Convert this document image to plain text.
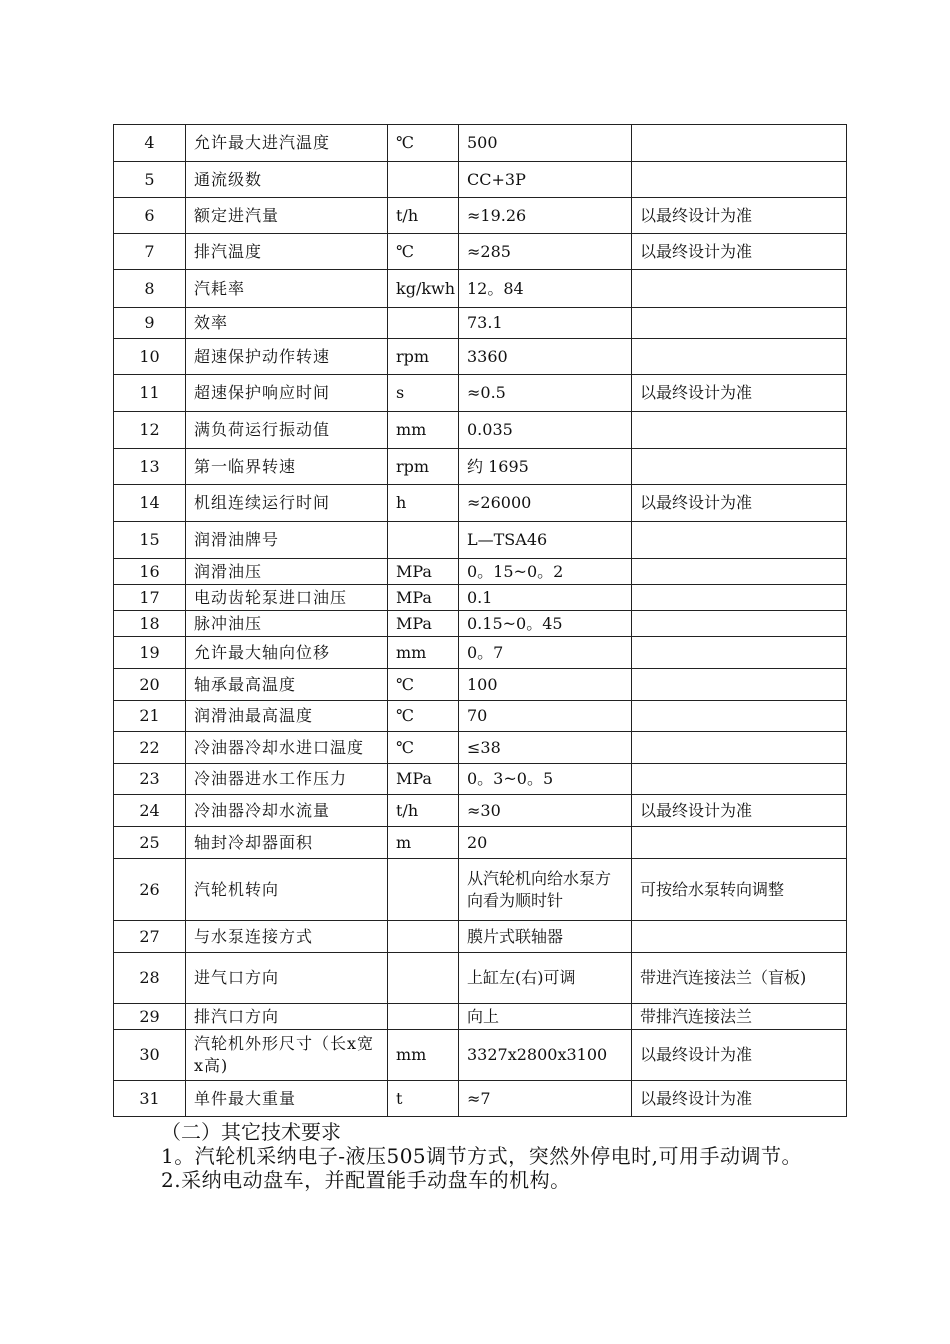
4	允许最大进汽温度	℃	500	
5	通流级数		CC+3P	
6	额定进汽量	t/h	≈19.26	以最终设计为准
7	排汽温度	℃	≈285	以最终设计为准
8	汽耗率	kg/kwh	12。84	
9	效率		73.1	
10	超速保护动作转速	rpm	3360	
11	超速保护响应时间	s	≈0.5	以最终设计为准
12	满负荷运行振动值	mm	0.035	
13	第一临界转速	rpm	约 1695	
14	机组连续运行时间	h	≈26000	以最终设计为准
15	润滑油牌号		L—TSA46	
16	润滑油压	MPa	0。15~0。2	
17	电动齿轮泵进口油压	MPa	0.1	
18	脉冲油压	MPa	0.15~0。45	
19	允许最大轴向位移	mm	0。7	
20	轴承最高温度	℃	100	
21	润滑油最高温度	℃	70	
22	冷油器冷却水进口温度	℃	≤38	
23	冷油器进水工作压力	MPa	0。3~0。5	
24	冷油器冷却水流量	t/h	≈30	以最终设计为准
25	轴封冷却器面积	m	20	
26	汽轮机转向		从汽轮机向给水泵方向看为顺时针	可按给水泵转向调整
27	与水泵连接方式		膜片式联轴器	
28	进气口方向		上缸左(右)可调	带进汽连接法兰（盲板)
29	排汽口方向		向上	带排汽连接法兰
30	汽轮机外形尺寸（长x宽x高)	mm	3327x2800x3100	以最终设计为准
31	单件最大重量	t	≈7	以最终设计为准

（二）其它技术要求

1。汽轮机采纳电子-液压505调节方式，突然外停电时,可用手动调节。

2.采纳电动盘车，并配置能手动盘车的机构。
